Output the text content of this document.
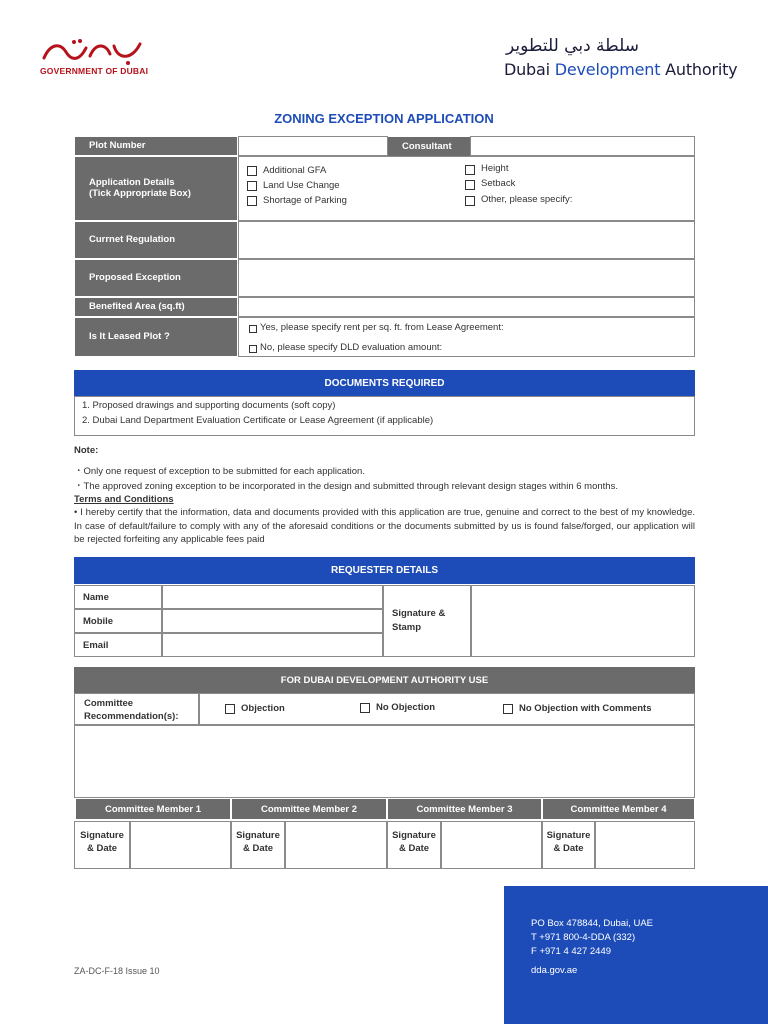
GOVERNMENT OF DUBAI
سلطة دبي للتطوير
Dubai Development Authority
ZONING EXCEPTION APPLICATION
Plot Number	Consultant
Application Details
(Tick Appropriate Box)
Additional GFA
Land Use Change
Shortage of Parking
Height
Setback
Other, please specify:
Currnet Regulation
Proposed Exception
Benefited Area (sq.ft)
Is It Leased Plot ?
Yes, please specify rent per sq. ft. from Lease Agreement:
No, please specify DLD evaluation amount:
DOCUMENTS REQUIRED
1. Proposed drawings and supporting documents (soft copy)
2. Dubai Land Department Evaluation Certificate or Lease Agreement (if applicable)
Note:
・Only one request of exception to be submitted for each application.
・The approved zoning exception to be incorporated in the design and submitted through relevant design stages within 6 months.
Terms and Conditions
• I hereby certify that the information, data and documents provided with this application are true, genuine and correct to the best of my knowledge. In case of default/failure to comply with any of the aforesaid conditions or the documents submitted by us is found false/forged, our application will be rejected forfeiting any applicable fees paid
REQUESTER DETAILS
Name
Mobile
Email
Signature &
Stamp
FOR DUBAI DEVELOPMENT AUTHORITY USE
Committee
Recommendation(s):
Objection	No Objection	No Objection with Comments
Committee Member 1	Committee Member 2	Committee Member 3	Committee Member 4
Signature
& Date
Signature
& Date
Signature
& Date
Signature
& Date
ZA-DC-F-18 Issue 10
PO Box 478844, Dubai, UAE
T +971 800-4-DDA (332)
F +971 4 427 2449
dda.gov.ae
